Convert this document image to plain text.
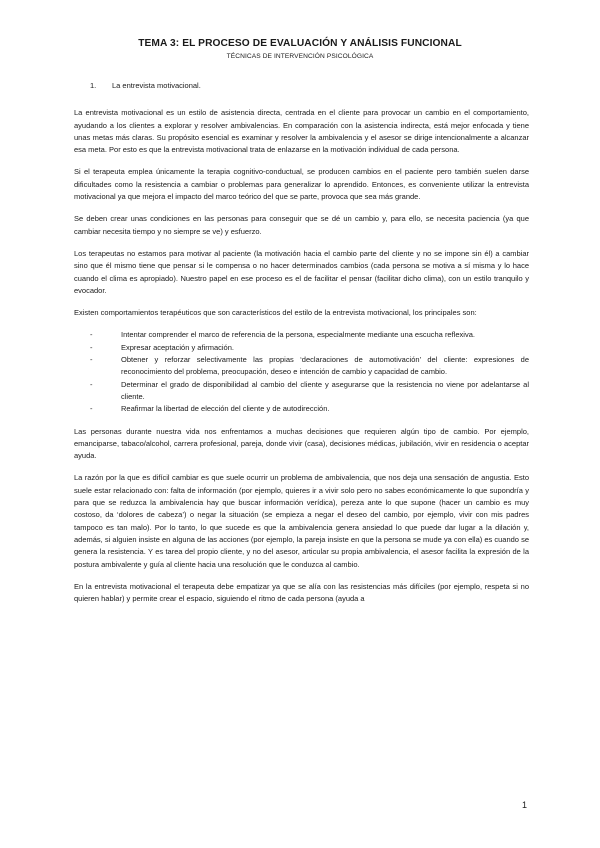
TEMA 3: EL PROCESO DE EVALUACIÓN Y ANÁLISIS FUNCIONAL
TÉCNICAS DE INTERVENCIÓN PSICOLÓGICA
1.	La entrevista motivacional.

La entrevista motivacional es un estilo de asistencia directa, centrada en el cliente para provocar un cambio en el comportamiento, ayudando a los clientes a explorar y resolver ambivalencias. En comparación con la asistencia indirecta, está mejor enfocada y tiene unas metas más claras. Su propósito esencial es examinar y resolver la ambivalencia y el asesor se dirige intencionalmente a alcanzar esa meta. Por esto es que la entrevista motivacional trata de enlazarse en la motivación individual de cada persona.

Si el terapeuta emplea únicamente la terapia cognitivo-conductual, se producen cambios en el paciente pero también suelen darse dificultades como la resistencia a cambiar o problemas para generalizar lo aprendido. Entonces, es conveniente utilizar la entrevista motivacional ya que mejora el impacto del marco teórico del que se parte, provoca que sea más grande.

Se deben crear unas condiciones en las personas para conseguir que se dé un cambio y, para ello, se necesita paciencia (ya que cambiar necesita tiempo y no siempre se ve) y esfuerzo.

Los terapeutas no estamos para motivar al paciente (la motivación hacia el cambio parte del cliente y no se impone sin él) a cambiar sino que él mismo tiene que pensar si le compensa o no hacer determinados cambios (cada persona se motiva a sí misma y lo hace cuando el clima es apropiado). Nuestro papel en ese proceso es el de facilitar el pensar (facilitar dicho clima), con un estilo tranquilo y evocador.

Existen comportamientos terapéuticos que son característicos del estilo de la entrevista motivacional, los principales son:

-	Intentar comprender el marco de referencia de la persona, especialmente mediante una escucha reflexiva.
-	Expresar aceptación y afirmación.
-	Obtener y reforzar selectivamente las propias ‘declaraciones de automotivación’ del cliente: expresiones de reconocimiento del problema, preocupación, deseo e intención de cambio y capacidad de cambio.
-	Determinar el grado de disponibilidad al cambio del cliente y asegurarse que la resistencia no viene por adelantarse al cliente.
-	Reafirmar la libertad de elección del cliente y de autodirección.

Las personas durante nuestra vida nos enfrentamos a muchas decisiones que requieren algún tipo de cambio. Por ejemplo, emanciparse, tabaco/alcohol, carrera profesional, pareja, donde vivir (casa), decisiones médicas, jubilación, vivir en residencia o aceptar ayuda.

La razón por la que es difícil cambiar es que suele ocurrir un problema de ambivalencia, que nos deja una sensación de angustia. Esto suele estar relacionado con: falta de información (por ejemplo, quieres ir a vivir solo pero no sabes económicamente lo que supondría y para que se reduzca la ambivalencia hay que buscar información verídica), pereza ante lo que supone (hacer un cambio es muy costoso, da ‘dolores de cabeza’) o negar la situación (se empieza a negar el deseo del cambio, por ejemplo, vivir con mis padres tampoco es tan malo). Por lo tanto, lo que sucede es que la ambivalencia genera ansiedad lo que puede dar lugar a la dilación y, además, si alguien insiste en alguna de las acciones (por ejemplo, la pareja insiste en que la persona se mude ya con ella) es cuando se genera la resistencia. Y es tarea del propio cliente, y no del asesor, articular su propia ambivalencia, el asesor facilita la expresión de la postura ambivalente y guía al cliente hacia una resolución que le conduzca al cambio.

En la entrevista motivacional el terapeuta debe empatizar ya que se alía con las resistencias más difíciles (por ejemplo, respeta si no quieren hablar) y permite crear el espacio, siguiendo el ritmo de cada persona (ayuda a

1
